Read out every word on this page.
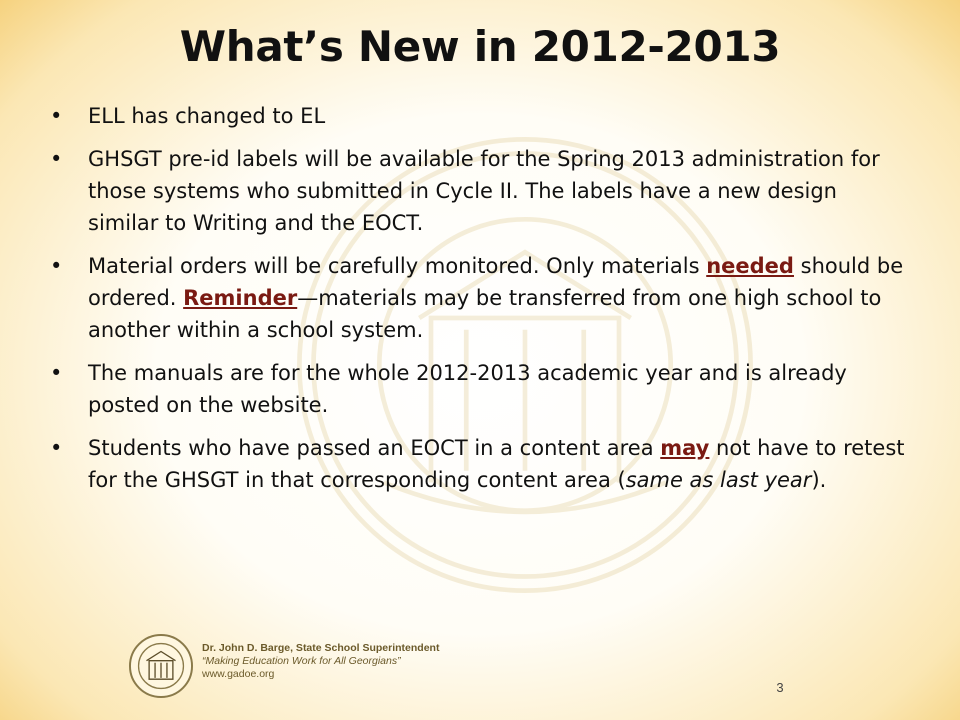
What’s New in 2012-2013
• ELL has changed to EL
• GHSGT pre-id labels will be available for the Spring 2013 administration for those systems who submitted in Cycle II. The labels have a new design similar to Writing and the EOCT.
• Material orders will be carefully monitored. Only materials needed should be ordered. Reminder—materials may be transferred from one high school to another within a school system.
• The manuals are for the whole 2012-2013 academic year and is already posted on the website.
• Students who have passed an EOCT in a content area may not have to retest for the GHSGT in that corresponding content area (same as last year).
Dr. John D. Barge, State School Superintendent
“Making Education Work for All Georgians”
www.gadoe.org
3
